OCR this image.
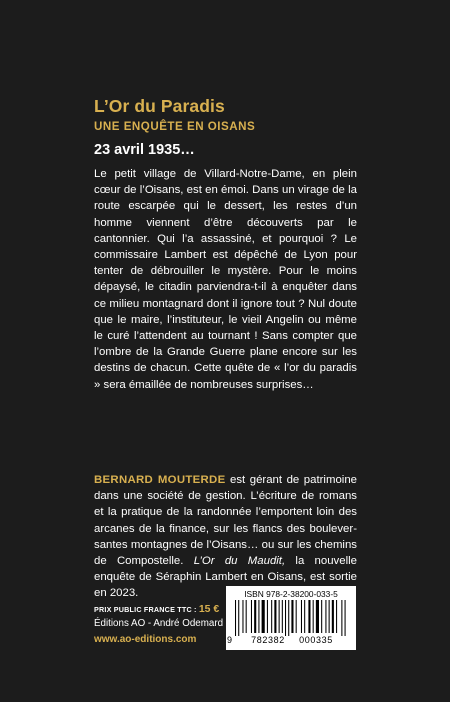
L’Or du Paradis
UNE ENQUÊTE EN OISANS
23 avril 1935…

Le petit village de Villard-Notre-Dame, en plein cœur de l’Oisans, est en émoi. Dans un virage de la route escarpée qui le dessert, les restes d’un homme viennent d’être découverts par le cantonnier. Qui l’a assassiné, et pourquoi ? Le commissaire Lambert est dépêché de Lyon pour tenter de débrouiller le mystère. Pour le moins dépaysé, le citadin parviendra-t-il à enquêter dans ce milieu montagnard dont il ignore tout ? Nul doute que le maire, l’instituteur, le vieil Angelin ou même le curé l’attendent au tournant ! Sans compter que l’ombre de la Grande Guerre plane encore sur les destins de chacun. Cette quête de « l’or du paradis » sera émaillée de nombreuses surprises…

BERNARD MOUTERDE est gérant de patrimoine dans une société de gestion. L’écriture de romans et la pratique de la randonnée l’emportent loin des arcanes de la finance, sur les flancs des bouleversantes montagnes de l’Oisans… ou sur les chemins de Compostelle. L’Or du Maudit, la nouvelle enquête de Séraphin Lambert en Oisans, est sortie en 2023.

PRIX PUBLIC FRANCE TTC : 15 €
Éditions AO - André Odemard
www.ao-editions.com
ISBN 978-2-38200-033-5
9	782382	000335
